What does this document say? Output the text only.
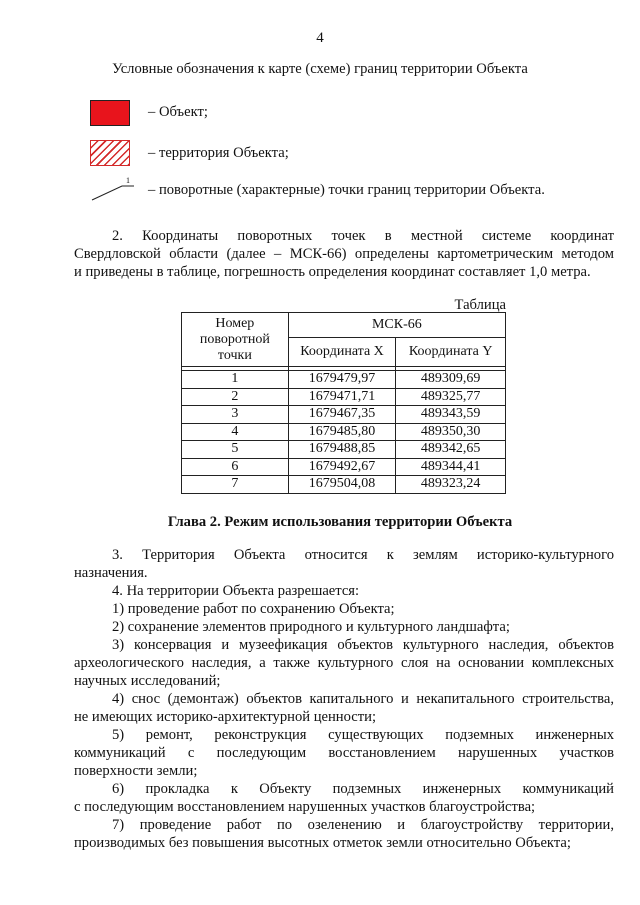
4
Условные обозначения к карте (схеме) границ территории Объекта
– Объект;
– территория Объекта;
1
– поворотные (характерные) точки границ территории Объекта.
2. Координаты поворотных точек в местной системе координат
Свердловской области (далее – МСК-66) определены картометрическим методом
и приведены в таблице, погрешность определения координат составляет 1,0 метра.
Таблица
Номер поворотной точки	МСК-66	
	Координата X	Координата Y

1	1679479,97	489309,69
2	1679471,71	489325,77
3	1679467,35	489343,59
4	1679485,80	489350,30
5	1679488,85	489342,65
6	1679492,67	489344,41
7	1679504,08	489323,24
Глава 2. Режим использования территории Объекта
3. Территория Объекта относится к землям историко-культурного
назначения.
4. На территории Объекта разрешается:
1) проведение работ по сохранению Объекта;
2) сохранение элементов природного и культурного ландшафта;
3) консервация и музеефикация объектов культурного наследия, объектов
археологического наследия, а также культурного слоя на основании комплексных
научных исследований;
4) снос (демонтаж) объектов капитального и некапитального строительства,
не имеющих историко-архитектурной ценности;
5) ремонт, реконструкция существующих подземных инженерных
коммуникаций с последующим восстановлением нарушенных участков
поверхности земли;
6) прокладка к Объекту подземных инженерных коммуникаций
с последующим восстановлением нарушенных участков благоустройства;
7) проведение работ по озеленению и благоустройству территории,
производимых без повышения высотных отметок земли относительно Объекта;
